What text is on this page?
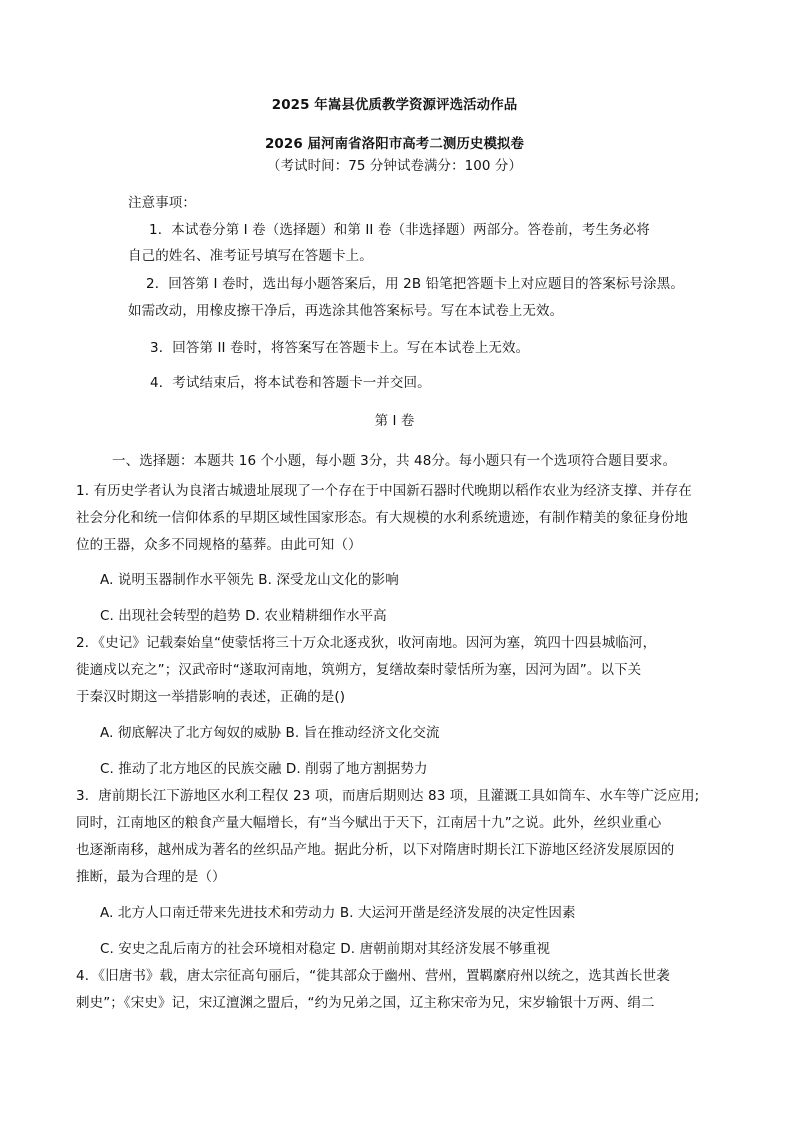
2025 年嵩县优质教学资源评选活动作品
2026 届河南省洛阳市高考二测历史模拟卷
（考试时间：75 分钟试卷满分：100 分）
注意事项：
1．本试卷分第 I 卷（选择题）和第 II 卷（非选择题）两部分。答卷前，考生务必将
自己的姓名、准考证号填写在答题卡上。
2．回答第 I 卷时，选出每小题答案后，用 2B 铅笔把答题卡上对应题目的答案标号涂黑。
如需改动，用橡皮擦干净后，再选涂其他答案标号。写在本试卷上无效。
3．回答第 II 卷时，将答案写在答题卡上。写在本试卷上无效。
4．考试结束后，将本试卷和答题卡一并交回。
第 I 卷
一、选择题：本题共 16 个小题，每小题 3分，共 48分。每小题只有一个选项符合题目要求。
1. 有历史学者认为良渚古城遗址展现了一个存在于中国新石器时代晚期以稻作农业为经济支撑、并存在
社会分化和统一信仰体系的早期区域性国家形态。有大规模的水利系统遗迹，有制作精美的象征身份地
位的王器，众多不同规格的墓葬。由此可知（）
A. 说明玉器制作水平领先 B. 深受龙山文化的影响
C. 出现社会转型的趋势 D. 农业精耕细作水平高
2．《史记》记载秦始皇“使蒙恬将三十万众北逐戎狄，收河南地。因河为塞，筑四十四县城临河，
徙適戍以充之”；汉武帝时“遂取河南地，筑朔方，复缮故秦时蒙恬所为塞，因河为固”。以下关
于秦汉时期这一举措影响的表述，正确的是()
A. 彻底解决了北方匈奴的威胁 B. 旨在推动经济文化交流
C. 推动了北方地区的民族交融 D. 削弱了地方割据势力
3．唐前期长江下游地区水利工程仅 23 项，而唐后期则达 83 项，且灌溉工具如筒车、水车等广泛应用;
同时，江南地区的粮食产量大幅增长，有“当今赋出于天下，江南居十九”之说。此外，丝织业重心
也逐渐南移，越州成为著名的丝织品产地。据此分析，以下对隋唐时期长江下游地区经济发展原因的
推断，最为合理的是（）
A. 北方人口南迁带来先进技术和劳动力 B. 大运河开凿是经济发展的决定性因素
C. 安史之乱后南方的社会环境相对稳定 D. 唐朝前期对其经济发展不够重视
4．《旧唐书》载，唐太宗征高句丽后，“徙其部众于幽州、营州，置羁縻府州以统之，选其酋长世袭
刺史”；《宋史》记，宋辽澶渊之盟后，“约为兄弟之国，辽主称宋帝为兄，宋岁输银十万两、绢二
